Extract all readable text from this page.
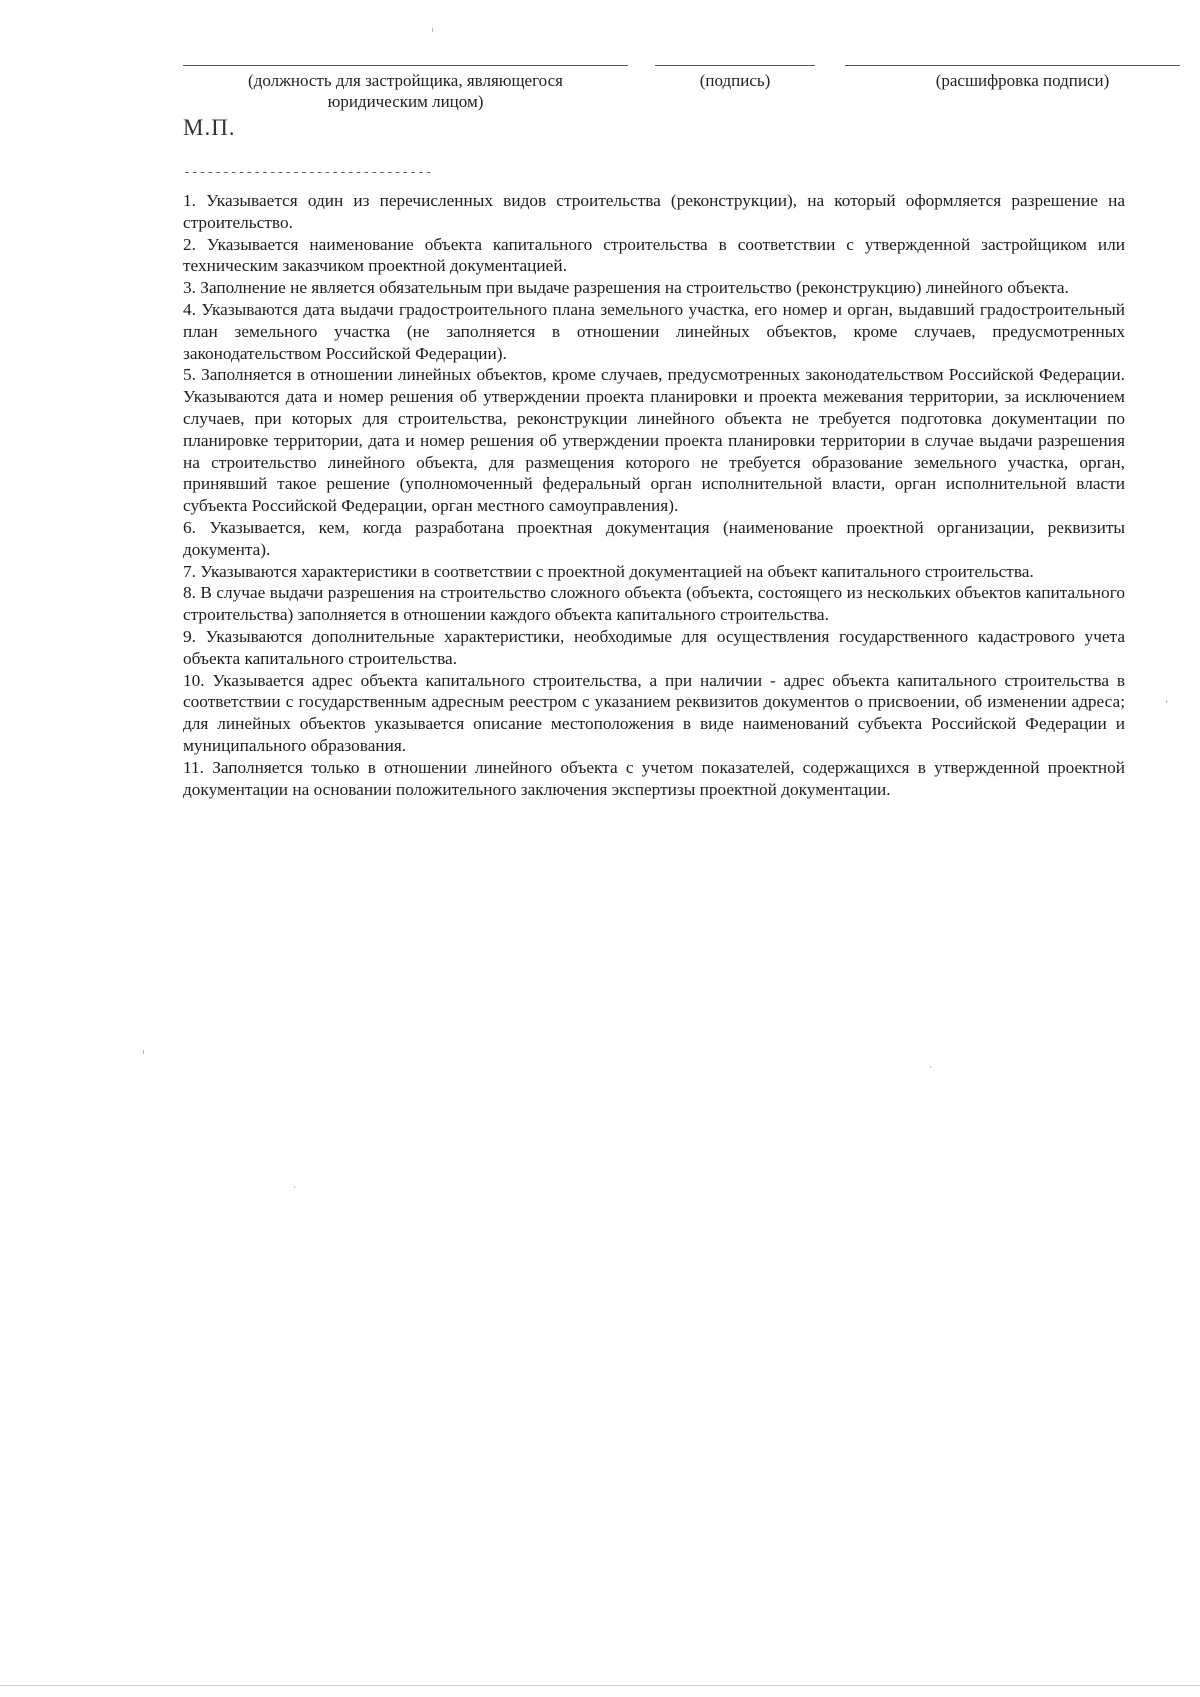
(должность для застройщика, являющегося
юридическим лицом)
(подпись)	(расшифровка подписи)
М.П.
--------------------------------

1. Указывается один из перечисленных видов строительства (реконструкции), на который оформляется разрешение на строительство.

2. Указывается наименование объекта капитального строительства в соответствии с утвержденной застройщиком или техническим заказчиком проектной документацией.

3. Заполнение не является обязательным при выдаче разрешения на строительство (реконструкцию) линейного объекта.

4. Указываются дата выдачи градостроительного плана земельного участка, его номер и орган, выдавший градостроительный план земельного участка (не заполняется в отношении линейных объектов, кроме случаев, предусмотренных законодательством Российской Федерации).

5. Заполняется в отношении линейных объектов, кроме случаев, предусмотренных законодательством Российской Федерации. Указываются дата и номер решения об утверждении проекта планировки и проекта межевания территории, за исключением случаев, при которых для строительства, реконструкции линейного объекта не требуется подготовка документации по планировке территории, дата и номер решения об утверждении проекта планировки территории в случае выдачи разрешения на строительство линейного объекта, для размещения которого не требуется образование земельного участка, орган, принявший такое решение (уполномоченный федеральный орган исполнительной власти, орган исполнительной власти субъекта Российской Федерации, орган местного самоуправления).

6. Указывается, кем, когда разработана проектная документация (наименование проектной организации, реквизиты документа).

7. Указываются характеристики в соответствии с проектной документацией на объект капитального строительства.

8. В случае выдачи разрешения на строительство сложного объекта (объекта, состоящего из нескольких объектов капитального строительства) заполняется в отношении каждого объекта капитального строительства.

9. Указываются дополнительные характеристики, необходимые для осуществления государственного кадастрового учета объекта капитального строительства.

10. Указывается адрес объекта капитального строительства, а при наличии - адрес объекта капитального строительства в соответствии с государственным адресным реестром с указанием реквизитов документов о присвоении, об изменении адреса; для линейных объектов указывается описание местоположения в виде наименований субъекта Российской Федерации и муниципального образования.

11. Заполняется только в отношении линейного объекта с учетом показателей, содержащихся в утвержденной проектной документации на основании положительного заключения экспертизы проектной документации.
